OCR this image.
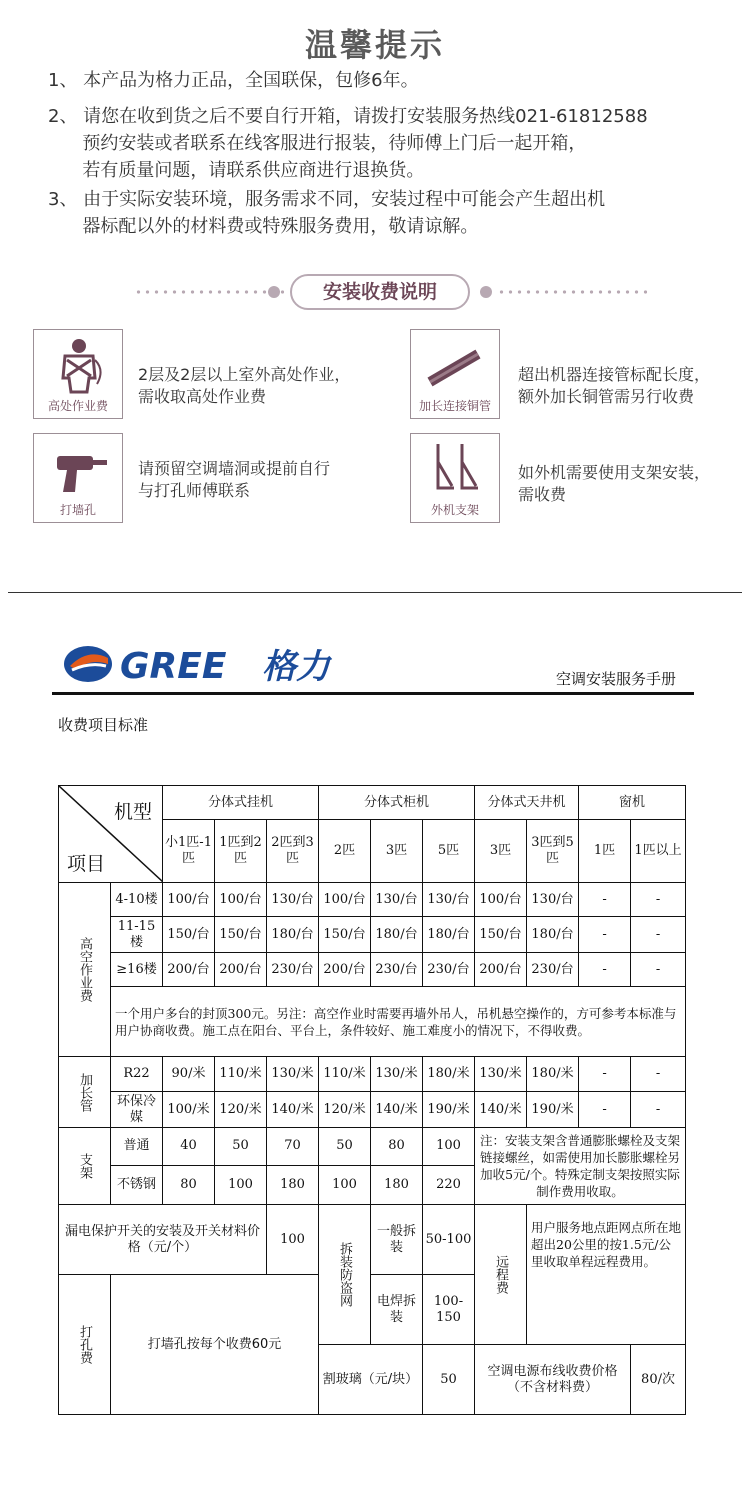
温馨提示
1、 本产品为格力正品，全国联保，包修6年。
2、 请您在收到货之后不要自行开箱，请拨打安装服务热线021-61812588
预约安装或者联系在线客服进行报装，待师傅上门后一起开箱，
若有质量问题，请联系供应商进行退换货。
3、 由于实际安装环境，服务需求不同，安装过程中可能会产生超出机
器标配以外的材料费或特殊服务费用，敬请谅解。
安装收费说明
高处作业费
2层及2层以上室外高处作业，
需收取高处作业费	加长连接铜管
超出机器连接管标配长度，
额外加长铜管需另行收费
打墙孔
请预留空调墙洞或提前自行
与打孔师傅联系
外机支架
如外机需要使用支架安装，
需收费
GREE 格力	空调安装服务手册
收费项目标准
机型
项目		分体式挂机			分体式柜机			分体式天井机		窗机	
		小1匹-1匹	1匹到2匹	2匹到3匹	2匹	3匹	5匹	3匹	3匹到5匹	1匹	1匹以上
高空作业费	4-10楼	100/台	100/台	130/台	100/台	130/台	130/台	100/台	130/台	-	-
	11-15楼	150/台	150/台	180/台	150/台	180/台	180/台	150/台	180/台	-	-
	≥16楼	200/台	200/台	230/台	200/台	230/台	230/台	200/台	230/台	-	-
	一个用户多台的封顶300元。另注：高空作业时需要再墙外吊人，吊机悬空操作的，方可参考本标准与用户协商收费。施工点在阳台、平台上，条件较好、施工难度小的情况下，不得收费。										
加长管	R22	90/米	110/米	130/米	110/米	130/米	180/米	130/米	180/米	-	-
	环保冷媒	100/米	120/米	140/米	120/米	140/米	190/米	140/米	190/米	-	-
支架	普通	40	50	70	50	80	100	注：安装支架含普通膨胀螺栓及支架链接螺丝，如需使用加长膨胀螺栓另加收5元/个。特殊定制支架按照实际制作费用收取。			
	不锈钢	80	100	180	100	180	220				
漏电保护开关的安装及开关材料价格（元/个）				100	拆装防盗网	一般拆装	50-100	远程费	用户服务地点距网点所在地超出20公里的按1.5元/公里收取单程远程费用。		
打孔费	打墙孔按每个收费60元					电焊拆装	100-150				
					割玻璃（元/块）		50	空调电源布线收费价格（不含材料费）			80/次
